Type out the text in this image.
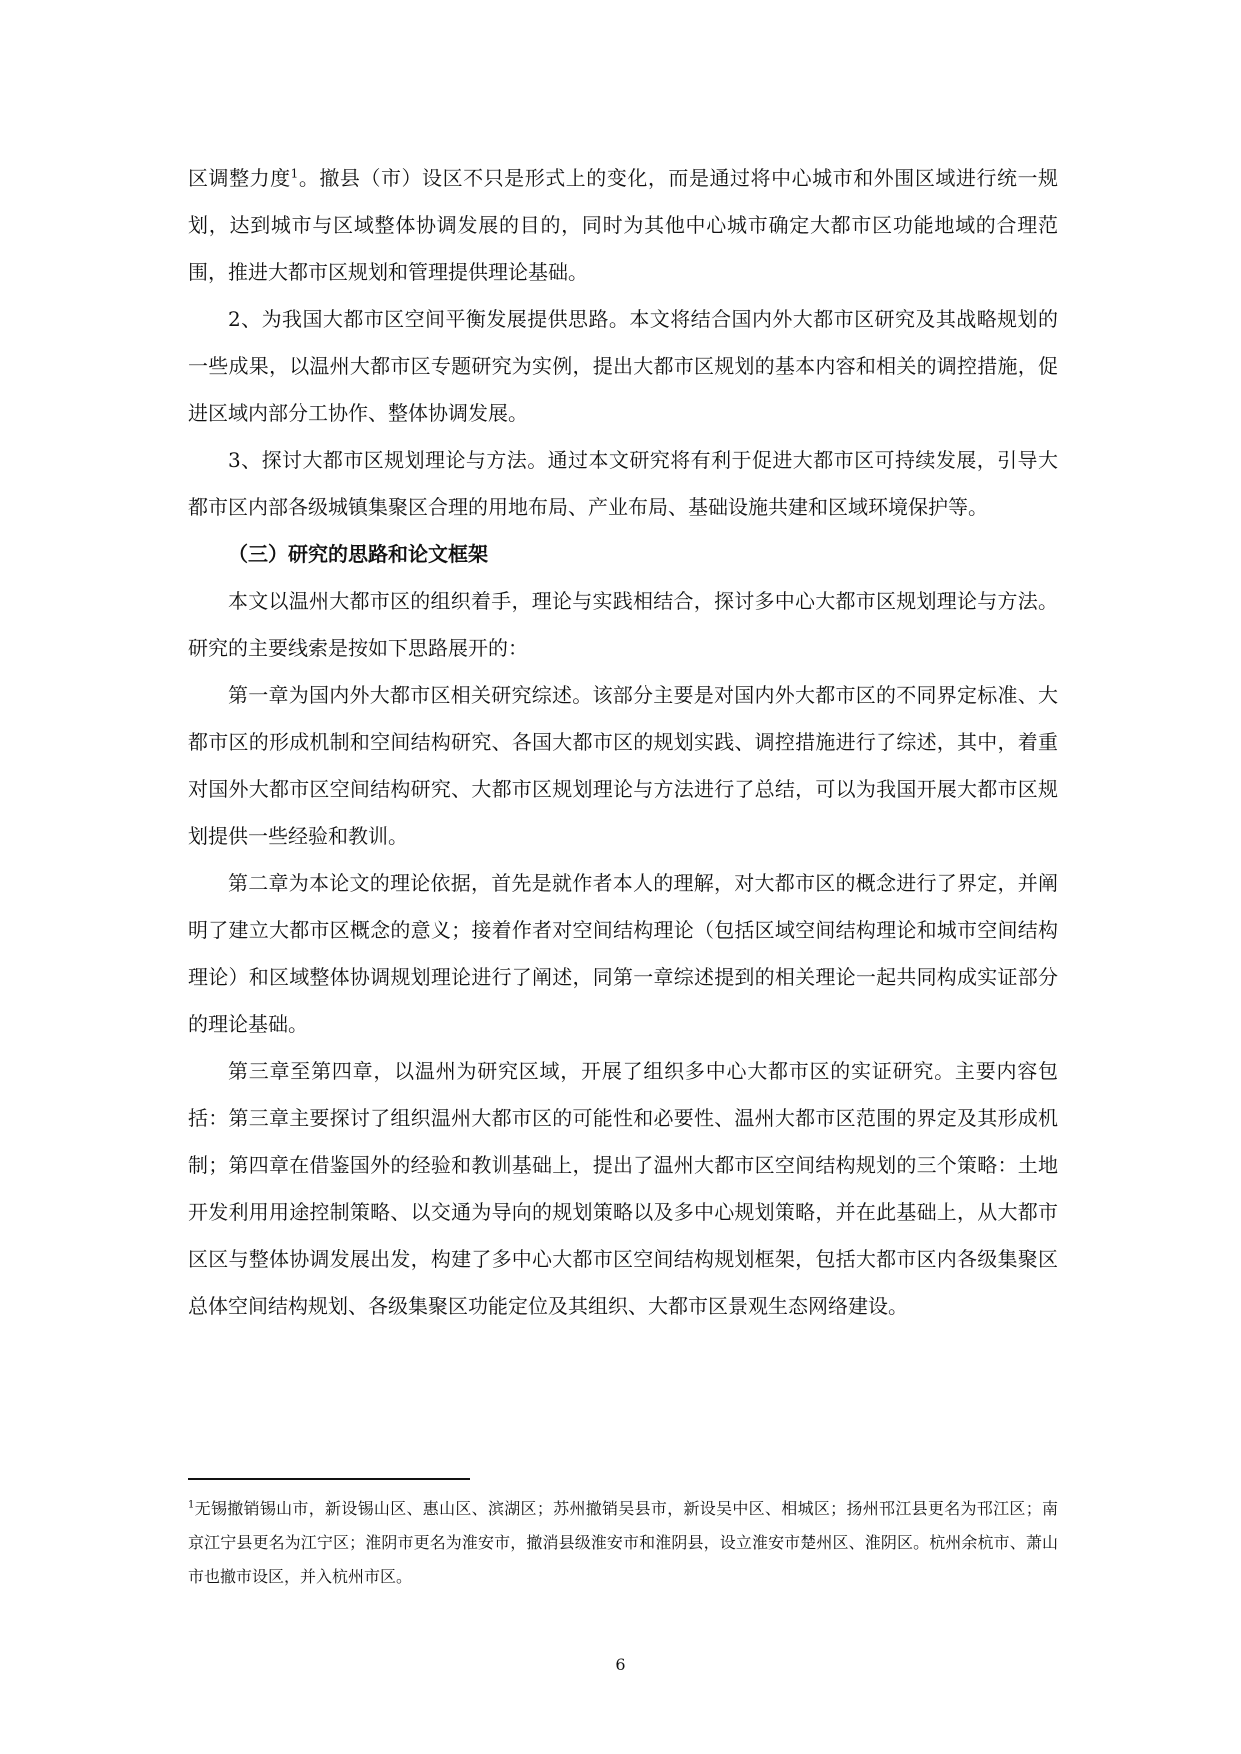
区调整力度$^1$。撤县（市）设区不只是形式上的变化，而是通过将中心城市和外围区域进行统一规划，达到城市与区域整体协调发展的目的，同时为其他中心城市确定大都市区功能地域的合理范围，推进大都市区规划和管理提供理论基础。

2、为我国大都市区空间平衡发展提供思路。本文将结合国内外大都市区研究及其战略规划的一些成果，以温州大都市区专题研究为实例，提出大都市区规划的基本内容和相关的调控措施，促进区域内部分工协作、整体协调发展。

3、探讨大都市区规划理论与方法。通过本文研究将有利于促进大都市区可持续发展，引导大都市区内部各级城镇集聚区合理的用地布局、产业布局、基础设施共建和区域环境保护等。

（三）研究的思路和论文框架

本文以温州大都市区的组织着手，理论与实践相结合，探讨多中心大都市区规划理论与方法。研究的主要线索是按如下思路展开的：

第一章为国内外大都市区相关研究综述。该部分主要是对国内外大都市区的不同界定标准、大都市区的形成机制和空间结构研究、各国大都市区的规划实践、调控措施进行了综述，其中，着重对国外大都市区空间结构研究、大都市区规划理论与方法进行了总结，可以为我国开展大都市区规划提供一些经验和教训。

第二章为本论文的理论依据，首先是就作者本人的理解，对大都市区的概念进行了界定，并阐明了建立大都市区概念的意义；接着作者对空间结构理论（包括区域空间结构理论和城市空间结构理论）和区域整体协调规划理论进行了阐述，同第一章综述提到的相关理论一起共同构成实证部分的理论基础。

第三章至第四章，以温州为研究区域，开展了组织多中心大都市区的实证研究。主要内容包括：第三章主要探讨了组织温州大都市区的可能性和必要性、温州大都市区范围的界定及其形成机制；第四章在借鉴国外的经验和教训基础上，提出了温州大都市区空间结构规划的三个策略：土地开发利用用途控制策略、以交通为导向的规划策略以及多中心规划策略，并在此基础上，从大都市区区与整体协调发展出发，构建了多中心大都市区空间结构规划框架，包括大都市区内各级集聚区总体空间结构规划、各级集聚区功能定位及其组织、大都市区景观生态网络建设。

$^1$无锡撤销锡山市，新设锡山区、惠山区、滨湖区；苏州撤销吴县市，新设吴中区、相城区；扬州邗江县更名为邗江区；南京江宁县更名为江宁区；淮阴市更名为淮安市，撤消县级淮安市和淮阴县，设立淮安市楚州区、淮阴区。杭州余杭市、萧山市也撤市设区，并入杭州市区。

6
